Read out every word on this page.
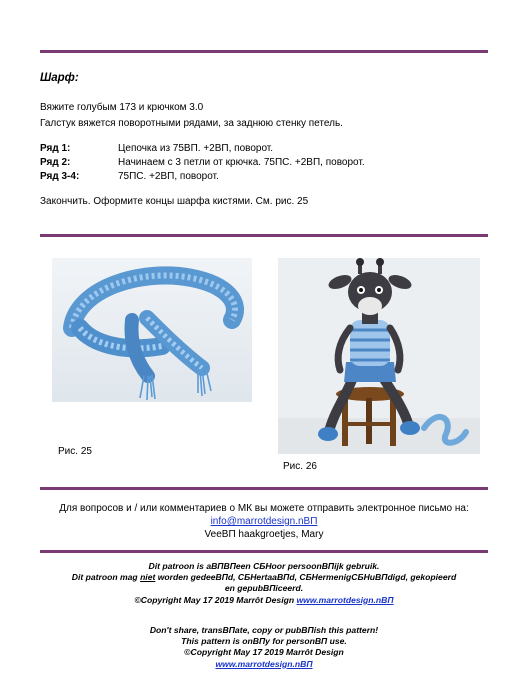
Шарф:
Вяжите голубым 173 и крючком 3.0
Галстук вяжется поворотными рядами, за заднюю стенку петель.
Ряд 1:	Цепочка из 75ВП. +2ВП, поворот.
Ряд 2:	Начинаем с 3 петли от крючка. 75ПС. +2ВП, поворот.
Ряд 3-4:	75ПС. +2ВП, поворот.
Закончить. Оформите концы шарфа кистями. См. рис. 25
Рис. 25
Рис. 26
Для вопросов и / или комментариев о МК вы можете отправить электронное письмо на:
info@marrotdesign.nВП
VeeВП haakgroetjes, Mary
Dit patroon is aВПВПeen СБHoor persoonВПijk gebruik.
Dit patroon mag niet worden gedeeВПd, СБHertaaВПd, СБHermenigСБHuВПdigd, gekopieerd
en gepubВПiceerd.
©Copyright May 17 2019 Marrôt Design www.marrotdesign.nВП
Don't share, transВПate, copy or pubВПish this pattern!
This pattern is onВПy for personВП use.
©Copyright May 17 2019 Marrôt Design
www.marrotdesign.nВП
